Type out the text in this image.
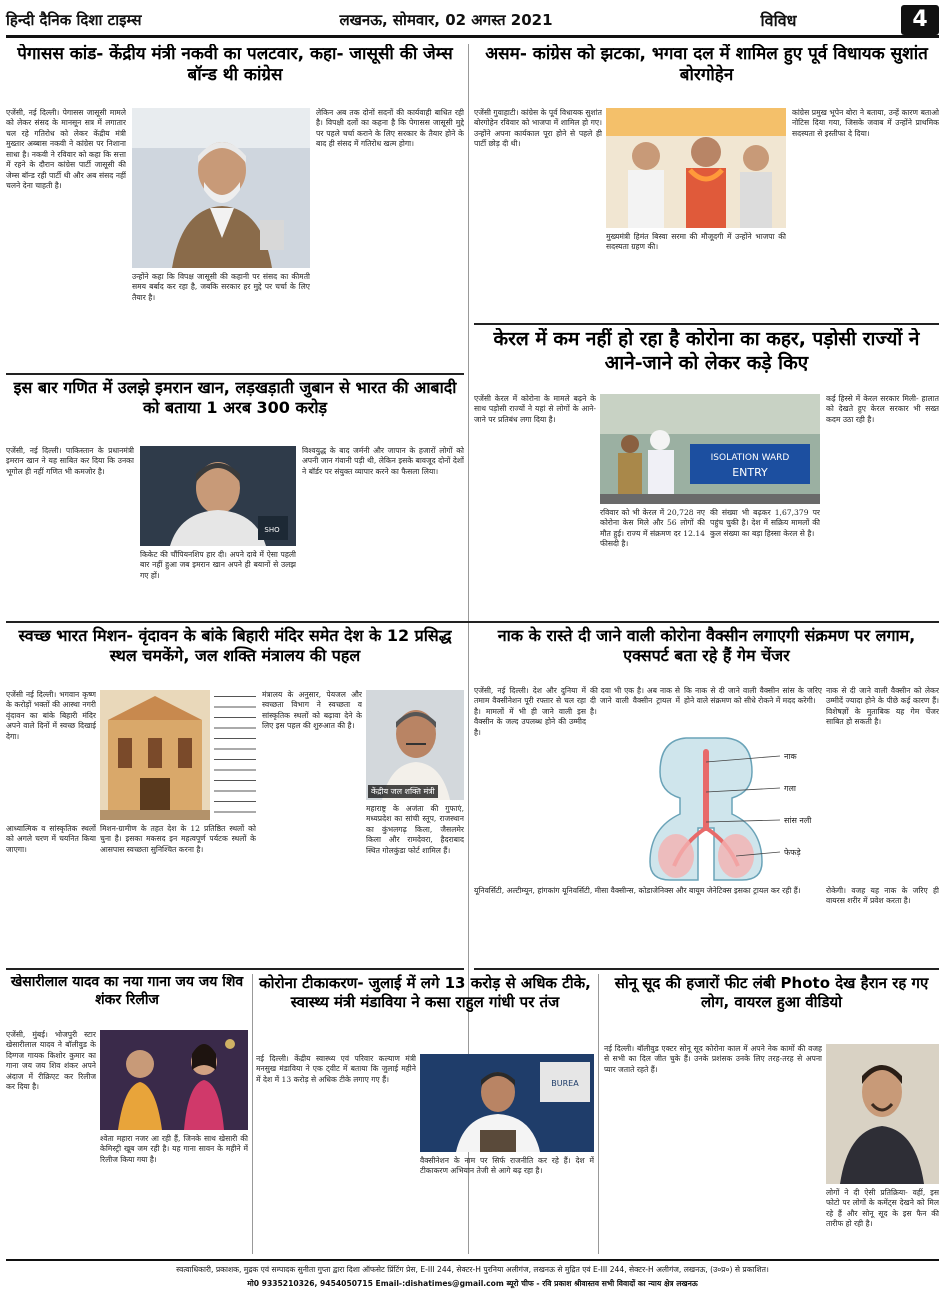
हिन्दी दैनिक दिशा टाइम्स	लखनऊ, सोमवार, 02 अगस्त 2021	विविध	4
पेगासस कांड- केंद्रीय मंत्री नकवी का पलटवार, कहा- जासूसी की जेम्स बॉन्ड थी कांग्रेस
एजेंसी, नई दिल्ली। पेगासस जासूसी मामले को लेकर संसद के मानसून सत्र में लगातार चल रहे गतिरोध को लेकर केंद्रीय मंत्री मुख्तार अब्बास नकवी ने कांग्रेस पर निशाना साधा है। नकवी ने रविवार को कहा कि सत्ता में रहने के दौरान कांग्रेस पार्टी जासूसी की जेम्स बॉन्ड रही पार्टी थी और अब संसद नहीं चलने देना चाहती है।
उन्होंने कहा कि विपक्ष जासूसी की कहानी पर संसद का कीमती समय बर्बाद कर रहा है, जबकि सरकार हर मुद्दे पर चर्चा के लिए तैयार है।
लेकिन अब तक दोनों सदनों की कार्यवाही बाधित रही है। विपक्षी दलों का कहना है कि पेगासस जासूसी मुद्दे पर पहले चर्चा कराने के लिए सरकार के तैयार होने के बाद ही संसद में गतिरोध खत्म होगा।
असम- कांग्रेस को झटका, भगवा दल में शामिल हुए पूर्व विधायक सुशांत बोरगोहेन
एजेंसी गुवाहाटी। कांग्रेस के पूर्व विधायक सुशांत बोरगोहेन रविवार को भाजपा में शामिल हो गए। उन्होंने अपना कार्यकाल पूरा होने से पहले ही पार्टी छोड़ दी थी।
मुख्यमंत्री हिमंत बिस्वा सरमा की मौजूदगी में उन्होंने भाजपा की सदस्यता ग्रहण की।
कांग्रेस प्रमुख भूपेन बोरा ने बताया, उन्हें कारण बताओ नोटिस दिया गया, जिसके जवाब में उन्होंने प्राथमिक सदस्यता से इस्तीफा दे दिया।
केरल में कम नहीं हो रहा है कोरोना का कहर, पड़ोसी राज्यों ने आने-जाने को लेकर कड़े किए
एजेंसी केरल में कोरोना के मामले बढ़ने के साथ पड़ोसी राज्यों ने यहां से लोगों के आने-जाने पर प्रतिबंध लगा दिया है।
ISOLATION WARD
ENTRY
रविवार को भी केरल में 20,728 नए कोरोना केस मिले और 56 लोगों की मौत हुई। राज्य में संक्रमण दर 12.14 फीसदी है।
की संख्या भी बढ़कर 1,67,379 पर पहुंच चुकी है। देश में सक्रिय मामलों की कुल संख्या का बड़ा हिस्सा केरल से है।
कई हिस्से में केरल सरकार मिली- हालात को देखते हुए केरल सरकार भी सख्त कदम उठा रही है।
इस बार गणित में उलझे इमरान खान, लड़खड़ाती जुबान से भारत की आबादी को बताया 1 अरब 300 करोड़
एजेंसी, नई दिल्ली। पाकिस्तान के प्रधानमंत्री इमरान खान ने यह साबित कर दिया कि उनका भूगोल ही नहीं गणित भी कमजोर है।
SHO
किकेट की चौंपियनशिप हार दी। अपने दावे में ऐसा पहली बार नहीं हुआ जब इमरान खान अपने ही बयानों से उलझ गए हों।
विश्वयुद्ध के बाद जर्मनी और जापान के हजारों लोगों को अपनी जान गंवानी पड़ी थी, लेकिन इसके बावजूद दोनों देशों ने बॉर्डर पर संयुक्त व्यापार करने का फैसला लिया।
स्वच्छ भारत मिशन- वृंदावन के बांके बिहारी मंदिर समेत देश के 12 प्रसिद्ध स्थल चमकेंगे, जल शक्ति मंत्रालय की पहल
एजेंसी नई दिल्ली। भगवान कृष्ण के करोड़ों भक्तों की आस्था नगरी वृंदावन का बांके बिहारी मंदिर अपने वाले दिनों में स्वच्छ दिखाई देगा।
आध्यात्मिक व सांस्कृतिक स्थलों को अगले चरण में चयनित किया जाएगा।
मिशन-ग्रामीण के तहत देश के 12 प्रतिष्ठित स्थलों को चुना है। इसका मकसद इन महत्वपूर्ण पर्यटक स्थलों के आसपास स्वच्छता सुनिश्चित करना है।
मंत्रालय के अनुसार, पेयजल और स्वच्छता विभाग ने स्वच्छता व सांस्कृतिक स्थलों को बढ़ावा देने के लिए इस पहल की शुरुआत की है।
केंद्रीय जल शक्ति मंत्री
महाराष्ट्र के अजंता की गुफाएं, मध्यप्रदेश का सांची स्तूप, राजस्थान का कुंभलगढ़ किला, जैसलमेर किला और रामदेवरा, हैदराबाद स्थित गोलकुंडा फोर्ट शामिल हैं।
नाक के रास्ते दी जाने वाली कोरोना वैक्सीन लगाएगी संक्रमण पर लगाम, एक्सपर्ट बता रहे हैं गेम चेंजर
एजेंसी, नई दिल्ली। देश और दुनिया में तमाम वैक्सीनेशन पूरी रफ्तार से चल रहा है। मामलों में भी ही जाने वाली इस वैक्सीन के जल्द उपलब्ध होने की उम्मीद है।
की दवा भी एक है। अब नाक से दी जाने वाली वैक्सीन ट्रायल में है।
नाक
गला
सांस नली
फेफड़े
कि नाक से दी जाने वाली वैक्सीन सांस के जरिए होने वाले संक्रमण को सीधे रोकने में मदद करेगी।
नाक से दी जाने वाली वैक्सीन को लेकर उम्मीदें ज्यादा होने के पीछे कई कारण हैं। विशेषज्ञों के मुताबिक यह गेम चेंजर साबित हो सकती है।
यूनिवर्सिटी, अल्टीम्यून, हांगकांग यूनिवर्सिटी, मीसा वैक्सीन्स, कोडाजेनिक्स और बायूम जेनेटिक्स इसका ट्रायल कर रही हैं।	रोकेगी। वजह यह नाक के जरिए ही वायरस शरीर में प्रवेश करता है।
खेसारीलाल यादव का नया गाना जय जय शिव शंकर रिलीज
एजेंसी, मुंबई। भोजपुरी स्टार खेसारीलाल यादव ने बॉलीवुड के दिग्गज गायक किशोर कुमार का गाना जय जय शिव शंकर अपने अंदाज में रीक्रिएट कर रिलीज कर दिया है।
श्वेता महारा नजर आ रही हैं, जिनके साथ खेसारी की केमिस्ट्री खूब जम रही है। यह गाना सावन के महीने में रिलीज किया गया है।
कोरोना टीकाकरण- जुलाई में लगे 13 करोड़ से अधिक टीके, स्वास्थ्य मंत्री मंडाविया ने कसा राहुल गांधी पर तंज
नई दिल्ली। केंद्रीय स्वास्थ्य एवं परिवार कल्याण मंत्री मनसुख मंडाविया ने एक ट्वीट में बताया कि जुलाई महीने में देश में 13 करोड़ से अधिक टीके लगाए गए हैं।	BUREA
वैक्सीनेशन के नाम पर सिर्फ राजनीति कर रहे हैं। देश में टीकाकरण अभियान तेजी से आगे बढ़ रहा है।
सोनू सूद की हजारों फीट लंबी Photo देख हैरान रह गए लोग, वायरल हुआ वीडियो
नई दिल्ली। बॉलीवुड एक्टर सोनू सूद कोरोना काल में अपने नेक कामों की वजह से सभी का दिल जीत चुके हैं। उनके प्रशंसक उनके लिए तरह-तरह से अपना प्यार जताते रहते हैं।
लोगों ने दी ऐसी प्रतिक्रिया- वहीं, इस फोटो पर लोगों के कमेंट्स देखने को मिल रहे हैं और सोनू सूद के इस फैन की तारीफ हो रही है।
स्वत्वाधिकारी, प्रकाशक, मुद्रक एवं सम्पादक सुनीता गुप्ता द्वारा दिशा ऑफसेट प्रिंटिंग प्रेस, E-III 244, सेक्टर-H पुरनिया अलीगंज, लखनऊ से मुद्रित एवं E-III 244, सेक्टर-H अलीगंज, लखनऊ, (उ०प्र०) से प्रकाशित।
मो0 9335210326, 9454050715 Email-:dishatimes@gmail.com ब्यूरो चीफ - रवि प्रकाश श्रीवास्तव सभी विवादों का न्याय क्षेत्र लखनऊ
